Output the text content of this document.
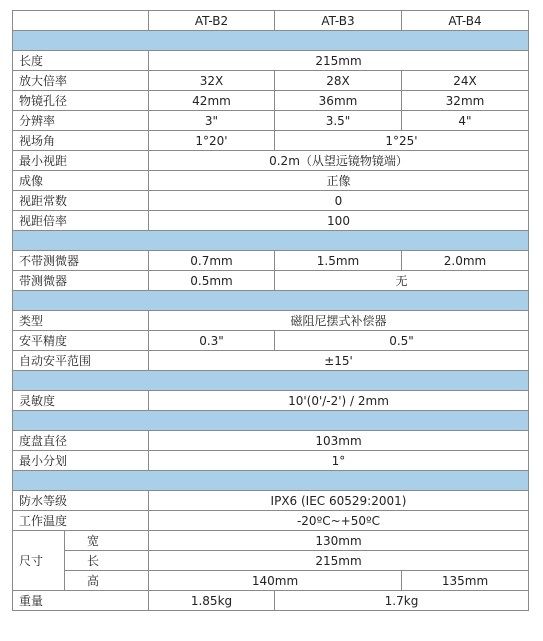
		AT-B2	AT-B3	AT-B4

长度		215mm		
放大倍率		32X	28X	24X
物镜孔径		42mm	36mm	32mm
分辨率		3"	3.5"	4"
视场角		1°20'	1°25'	
最小视距		0.2m（从望远镜物镜端）		
成像		正像		
视距常数		0		
视距倍率		100		

不带测微器		0.7mm	1.5mm	2.0mm
带测微器		0.5mm	无	

类型		磁阻尼摆式补偿器		
安平精度		0.3"	0.5"	
自动安平范围		±15'		

灵敏度		10'(0'/-2') / 2mm		

度盘直径		103mm		
最小分划		1°		

防水等级		IPX6 (IEC 60529:2001)		
工作温度		-20ºC~+50ºC		
尺寸	宽	130mm		
	长	215mm		
	高	140mm		135mm
重量		1.85kg	1.7kg	
